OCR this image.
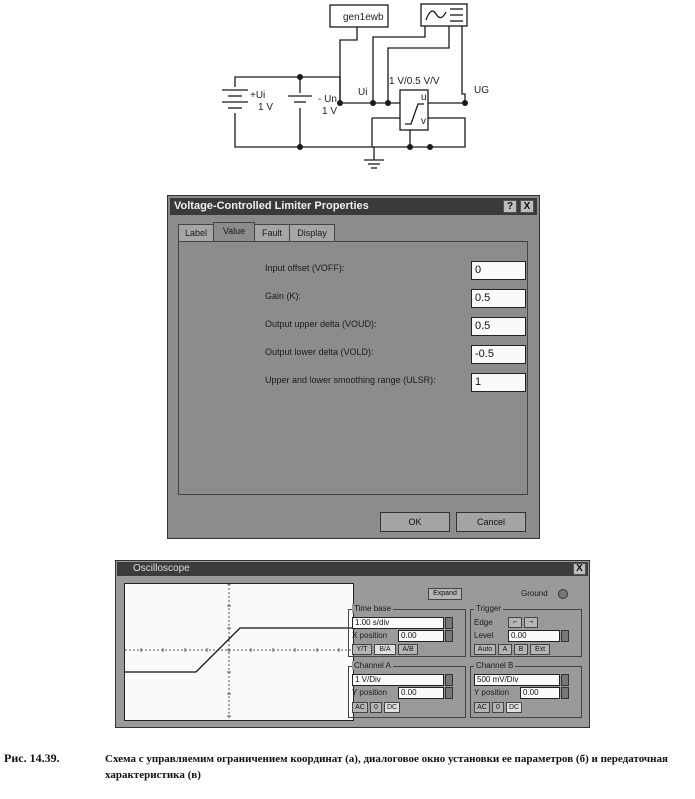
gen1ewb
+Ui
1 V
- Un
1 V
Ui
1 V/0.5 V/V
UG
u
v
Voltage-Controlled Limiter Properties	?	X
Label	Value	Fault	Display
Input offset (VOFF):	0
Gain (K):	0.5
Output upper delta (VOUD):	0.5
Output lower delta (VOLD):	-0.5
Upper and lower smoothing range (ULSR):	1
OK	Cancel
Oscilloscope	X
Expand	Ground
Time base
1.00 s/div
X position	0.00
Y/T	B/A	A/B
Trigger
Edge	⌐	¬
Level	0.00
Auto	A	B	Ext
Channel A
1 V/Div
Y position	0.00
AC	0	DC
Channel B
500 mV/Div
Y position	0.00
AC	0	DC
Рис. 14.39.	Схема с управляемим ограничением координат (а), диалоговое окно установки ее параметров (б) и передаточная характеристика (в)
